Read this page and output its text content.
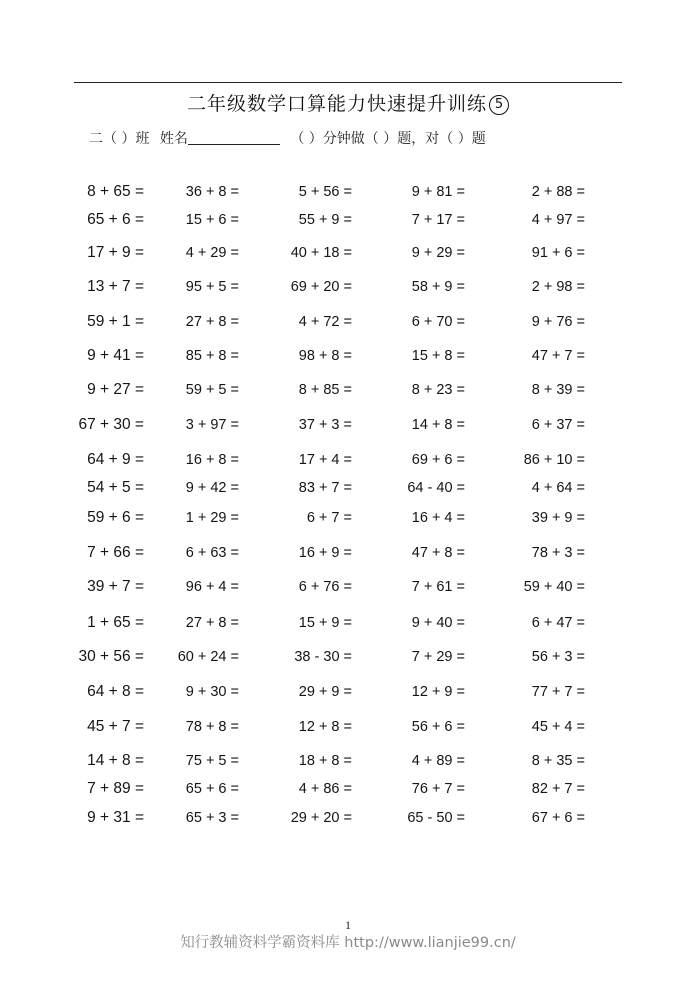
二年级数学口算能力快速提升训练 5
二（ ）班 姓名	（ ）分钟做（ ）题，对（ ）题
8 + 65 =	36 + 8 =	5 + 56 =	9 + 81 =	2 + 88 =
65 + 6 =	15 + 6 =	55 + 9 =	7 + 17 =	4 + 97 =
17 + 9 =	4 + 29 =	40 + 18 =	9 + 29 =	91 + 6 =
13 + 7 =	95 + 5 =	69 + 20 =	58 + 9 =	2 + 98 =
59 + 1 =	27 + 8 =	4 + 72 =	6 + 70 =	9 + 76 =
9 + 41 =	85 + 8 =	98 + 8 =	15 + 8 =	47 + 7 =
9 + 27 =	59 + 5 =	8 + 85 =	8 + 23 =	8 + 39 =
67 + 30 =	3 + 97 =	37 + 3 =	14 + 8 =	6 + 37 =
64 + 9 =	16 + 8 =	17 + 4 =	69 + 6 =	86 + 10 =
54 + 5 =	9 + 42 =	83 + 7 =	64 - 40 =	4 + 64 =
59 + 6 =	1 + 29 =	6 + 7 =	16 + 4 =	39 + 9 =
7 + 66 =	6 + 63 =	16 + 9 =	47 + 8 =	78 + 3 =
39 + 7 =	96 + 4 =	6 + 76 =	7 + 61 =	59 + 40 =
1 + 65 =	27 + 8 =	15 + 9 =	9 + 40 =	6 + 47 =
30 + 56 = 60 + 24 =	38 - 30 =	7 + 29 =	56 + 3 =
64 + 8 =	9 + 30 =	29 + 9 =	12 + 9 =	77 + 7 =
45 + 7 =	78 + 8 =	12 + 8 =	56 + 6 =	45 + 4 =
14 + 8 =	75 + 5 =	18 + 8 =	4 + 89 =	8 + 35 =
7 + 89 =	65 + 6 =	4 + 86 =	76 + 7 =	82 + 7 =
9 + 31 =	65 + 3 =	29 + 20 =	65 - 50 =	67 + 6 =
1
知行教辅资料学霸资料库 http://www.lianjie99.cn/
